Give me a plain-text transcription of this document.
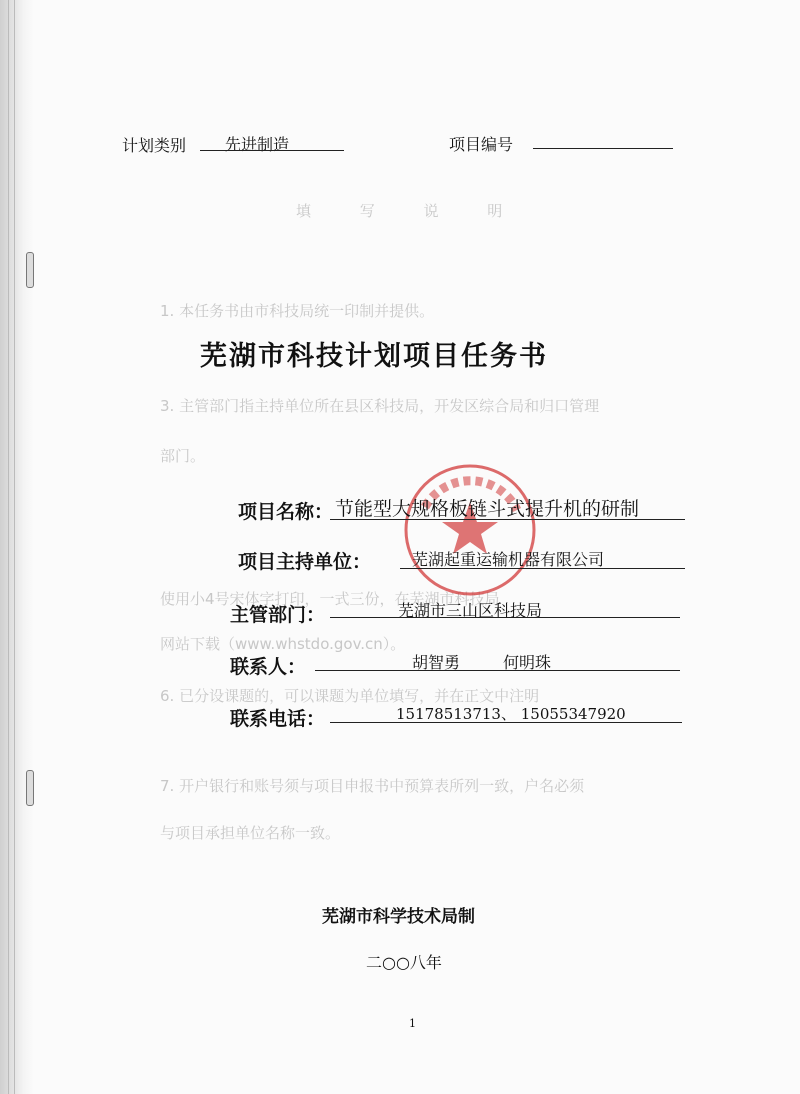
填 写 说 明
1. 本任务书由市科技局统一印制并提供。
3. 主管部门指主持单位所在县区科技局，开发区综合局和归口管理
部门。
使用小4号宋体字打印，一式三份，在芜湖市科技局
网站下载（www.whstdo.gov.cn）。
6. 已分设课题的，可以课题为单位填写，并在正文中注明
7. 开户银行和账号须与项目申报书中预算表所列一致，户名必须
与项目承担单位名称一致。
计划类别 先进制造	项目编号
芜湖市科技计划项目任务书
项目名称： 节能型大规格板链斗式提升机的研制
项目主持单位：	芜湖起重运输机器有限公司
主管部门：	芜湖市三山区科技局
联系人：	胡智勇	何明珠
联系电话：	15178513713、 15055347920
芜湖市科学技术局制
二○○八年
1
